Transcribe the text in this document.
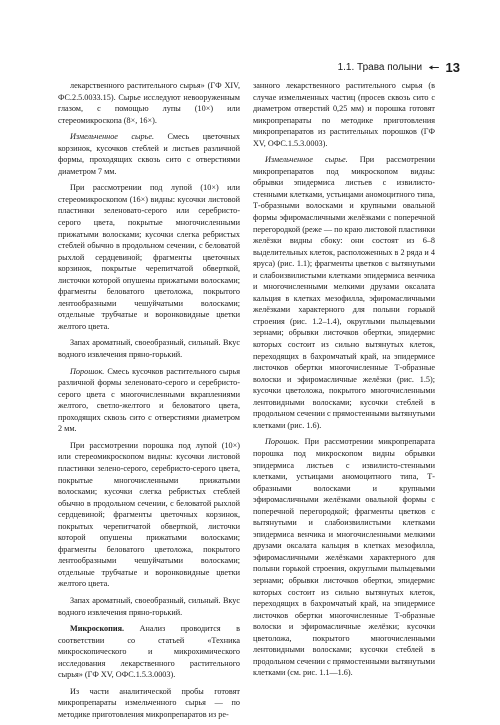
1.1. Трава полыни 🠔 13

лекарственного растительного сырья» (ГФ XIV, ФС.2.5.0033.15). Сырье исследуют невооруженным глазом, с помощью лупы (10×) или стереомикроскопа (8×, 16×).

Измельченное сырье. Смесь цветочных корзинок, кусочков стеблей и листьев различной формы, проходящих сквозь сито с отверстиями диаметром 7 мм.

При рассмотрении под лупой (10×) или стереомикроскопом (16×) видны: кусочки листовой пластинки зеленовато-серого или серебристо-серого цвета, покрытые многочисленными прижатыми волосками; кусочки слегка ребристых стеблей обычно в продольном сечении, с беловатой рыхлой сердцевиной; фрагменты цветочных корзинок, покрытые черепитчатой обверткой, листочки которой опушены прижатыми волосками; фрагменты беловатого цветоложа, покрытого лентообразными чешуйчатыми волосками; отдельные трубчатые и воронковидные цветки желтого цвета.

Запах ароматный, своеобразный, сильный. Вкус водного извлечения пряно-горький.

Порошок. Смесь кусочков растительного сырья различной формы зеленовато-серого и серебристо-серого цвета с многочисленными вкраплениями желтого, светло-желтого и беловатого цвета, проходящих сквозь сито с отверстиями диаметром 2 мм.

При рассмотрении порошка под лупой (10×) или стереомикроскопом видны: кусочки листовой пластинки зелено-серого, серебристо-серого цвета, покрытые многочисленными прижатыми волосками; кусочки слегка ребристых стеблей обычно в продольном сечении, с беловатой рыхлой сердцевиной; фрагменты цветочных корзинок, покрытых черепитчатой обверткой, листочки которой опушены прижатыми волосками; фрагменты беловатого цветоложа, покрытого лентообразными чешуйчатыми волосками; отдельные трубчатые и воронковидные цветки желтого цвета.

Запах ароматный, своеобразный, сильный. Вкус водного извлечения пряно-горький.

Микроскопия. Анализ проводится в соответствии со статьей «Техника микроскопического и микрохимического исследования лекарственного растительного сырья» (ГФ XV, ОФС.1.5.3.0003).

Из части аналитической пробы готовят микропрепараты измельченного сырья — по методике приготовления микропрепаратов из ре-

занного лекарственного растительного сырья (в случае измельченных частиц (просев сквозь сито с диаметром отверстий 0,25 мм) и порошка готовят микропрепараты по методике приготовления микропрепаратов из растительных порошков (ГФ XV, ОФС.1.5.3.0003).

Измельченное сырье. При рассмотрении микропрепаратов под микроскопом видны: обрывки эпидермиса листьев с извилисто-стенными клетками, устьицами аномоцитного типа, Т-образными волосками и крупными овальной формы эфиромасличными желёзками с поперечной перегородкой (реже — по краю листовой пластинки желёзки видны сбоку: они состоят из 6–8 выделительных клеток, расположенных в 2 ряда и 4 яруса) (рис. 1.1); фрагменты цветков с вытянутыми и слабоизвилистыми клетками эпидермиса венчика и многочисленными мелкими друзами оксалата кальция в клетках мезофилла, эфиромасличными желёзками характерного для полыни горькой строения (рис. 1.2–1.4), округлыми пыльцевыми зернами; обрывки листочков обертки, эпидермис которых состоит из сильно вытянутых клеток, переходящих в бахромчатый край, на эпидермисе листочков обертки многочисленные Т-образные волоски и эфиромасличные желёзки (рис. 1.5); кусочки цветоложа, покрытого многочисленными лентовидными волосками; кусочки стеблей в продольном сечении с прямостенными вытянутыми клетками (рис. 1.6).

Порошок. При рассмотрении микропрепарата порошка под микроскопом видны обрывки эпидермиса листьев с извилисто-стенными клетками, устьицами аномоцитного типа, Т-образными волосками и крупными эфиромасличными желёзками овальной формы с поперечной перегородкой; фрагменты цветков с вытянутыми и слабоизвилистыми клетками эпидермиса венчика и многочисленными мелкими друзами оксалата кальция в клетках мезофилла, эфиромасличными желёзками характерного для полыни горькой строения, округлыми пыльцевыми зернами; обрывки листочков обертки, эпидермис которых состоит из сильно вытянутых клеток, переходящих в бахромчатый край, на эпидермисе листочков обертки многочисленные Т-образные волоски и эфиромасличные желёзки; кусочки цветоложа, покрытого многочисленными лентовидными волосками; кусочки стеблей в продольном сечении с прямостенными вытянутыми клетками (см. рис. 1.1—1.6).
